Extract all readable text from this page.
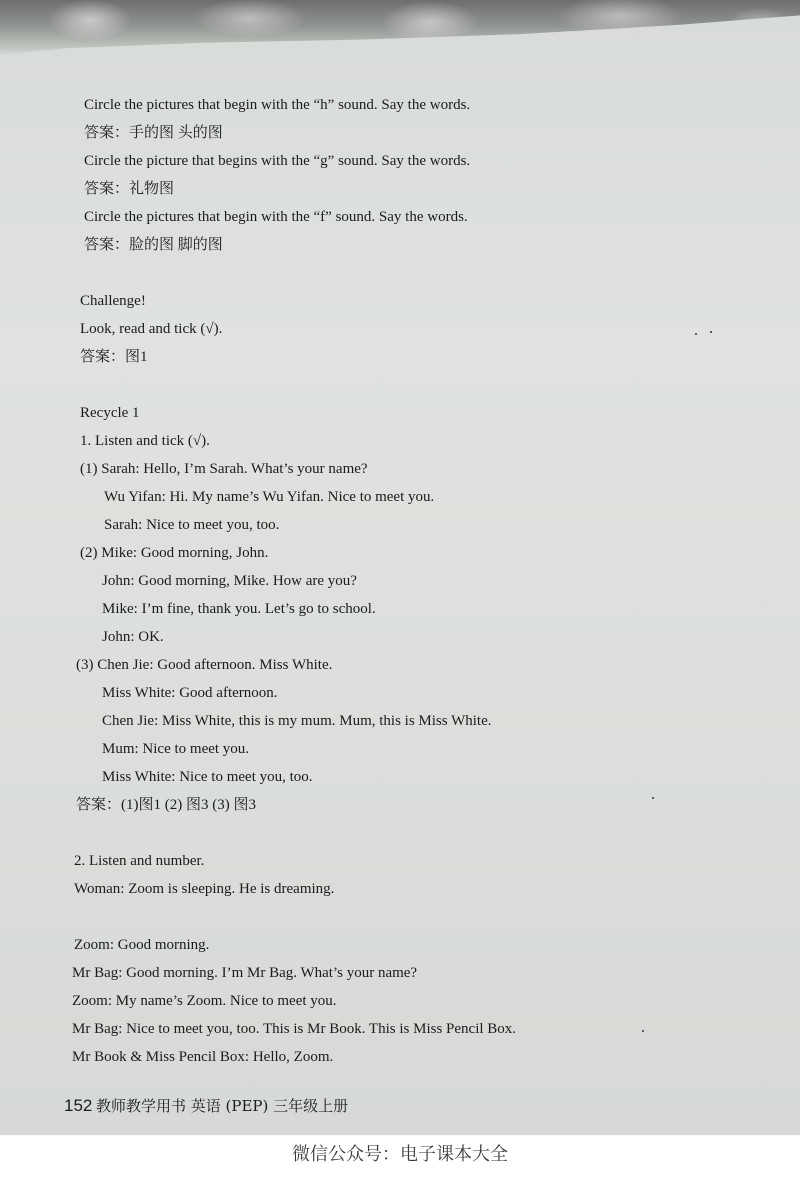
Circle the pictures that begin with the “h” sound. Say the words.

答案：手的图 头的图

Circle the picture that begins with the “g” sound. Say the words.

答案：礼物图

Circle the pictures that begin with the “f” sound. Say the words.

答案：脸的图 脚的图

Challenge!

Look, read and tick (√).

答案：图1

Recycle 1

1. Listen and tick (√).

(1) Sarah: Hello, I’m Sarah. What’s your name?

Wu Yifan: Hi. My name’s Wu Yifan. Nice to meet you.

Sarah: Nice to meet you, too.

(2) Mike: Good morning, John.

John: Good morning, Mike. How are you?

Mike: I’m fine, thank you. Let’s go to school.

John: OK.

(3) Chen Jie: Good afternoon. Miss White.

Miss White: Good afternoon.

Chen Jie: Miss White, this is my mum. Mum, this is Miss White.

Mum: Nice to meet you.

Miss White: Nice to meet you, too.

答案：(1)图1 (2) 图3 (3) 图3

2. Listen and number.

Woman: Zoom is sleeping. He is dreaming.

Zoom: Good morning.

Mr Bag: Good morning. I’m Mr Bag. What’s your name?

Zoom: My name’s Zoom. Nice to meet you.

Mr Bag: Nice to meet you, too. This is Mr Book. This is Miss Pencil Box.

Mr Book & Miss Pencil Box: Hello, Zoom.

152 教师教学用书 英语 (PEP) 三年级上册
微信公众号：电子课本大全
